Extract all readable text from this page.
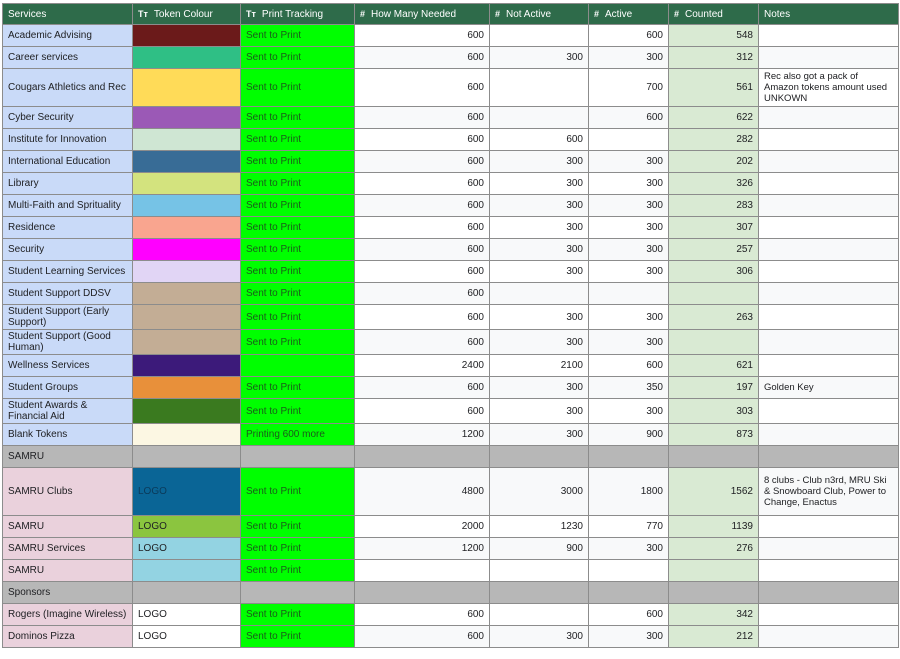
Services	Tт Token Colour	Tт Print Tracking	# How Many Needed	# Not Active	# Active	# Counted	Notes
Academic Advising		Sent to Print	600		600	548	
Career services		Sent to Print	600	300	300	312	
Cougars Athletics and Rec		Sent to Print	600		700	561	Rec also got a pack of Amazon tokens amount used UNKOWN
Cyber Security		Sent to Print	600		600	622	
Institute for Innovation		Sent to Print	600	600		282	
International Education		Sent to Print	600	300	300	202	
Library		Sent to Print	600	300	300	326	
Multi-Faith and Sprituality		Sent to Print	600	300	300	283	
Residence		Sent to Print	600	300	300	307	
Security		Sent to Print	600	300	300	257	
Student Learning Services		Sent to Print	600	300	300	306	
Student Support DDSV		Sent to Print	600				
Student Support (Early Support)		Sent to Print	600	300	300	263	
Student Support (Good Human)		Sent to Print	600	300	300		
Wellness Services			2400	2100	600	621	
Student Groups		Sent to Print	600	300	350	197	Golden Key
Student Awards & Financial Aid		Sent to Print	600	300	300	303	
Blank Tokens		Printing 600 more	1200	300	900	873	
SAMRU							
SAMRU Clubs	LOGO	Sent to Print	4800	3000	1800	1562	8 clubs - Club n3rd, MRU Ski & Snowboard Club, Power to Change, Enactus
SAMRU	LOGO	Sent to Print	2000	1230	770	1139	
SAMRU Services	LOGO	Sent to Print	1200	900	300	276	
SAMRU		Sent to Print					
Sponsors							
Rogers (Imagine Wireless)	LOGO	Sent to Print	600		600	342	
Dominos Pizza	LOGO	Sent to Print	600	300	300	212	
